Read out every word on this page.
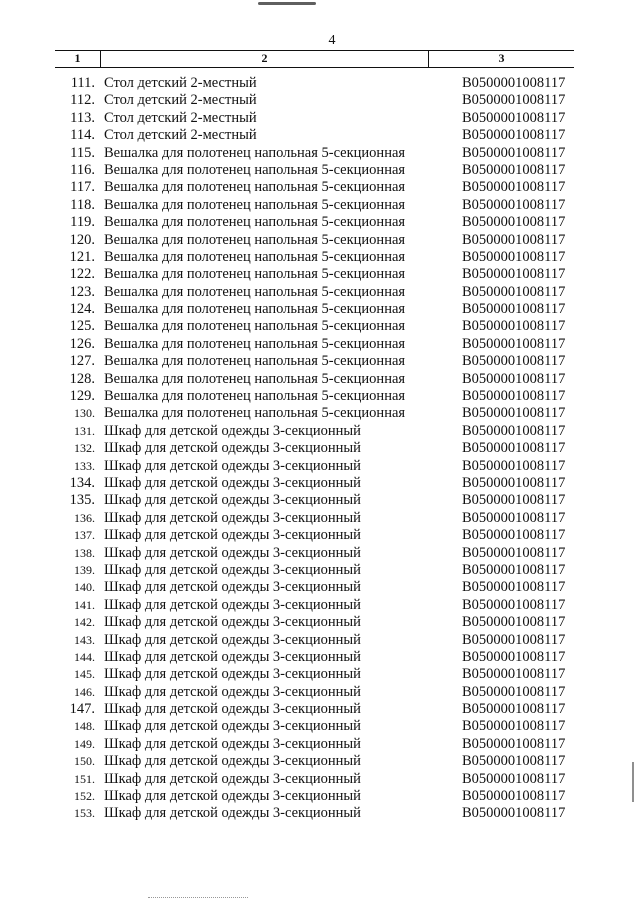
4
1	2	3
111. Стол детский 2-местный	B0500001008117
112. Стол детский 2-местный	B0500001008117
113. Стол детский 2-местный	B0500001008117
114. Стол детский 2-местный	B0500001008117
115. Вешалка для полотенец напольная 5-секционная	B0500001008117
116. Вешалка для полотенец напольная 5-секционная	B0500001008117
117. Вешалка для полотенец напольная 5-секционная	B0500001008117
118. Вешалка для полотенец напольная 5-секционная	B0500001008117
119. Вешалка для полотенец напольная 5-секционная	B0500001008117
120. Вешалка для полотенец напольная 5-секционная	B0500001008117
121. Вешалка для полотенец напольная 5-секционная	B0500001008117
122. Вешалка для полотенец напольная 5-секционная	B0500001008117
123. Вешалка для полотенец напольная 5-секционная	B0500001008117
124. Вешалка для полотенец напольная 5-секционная	B0500001008117
125. Вешалка для полотенец напольная 5-секционная	B0500001008117
126. Вешалка для полотенец напольная 5-секционная	B0500001008117
127. Вешалка для полотенец напольная 5-секционная	B0500001008117
128. Вешалка для полотенец напольная 5-секционная	B0500001008117
129. Вешалка для полотенец напольная 5-секционная	B0500001008117
130. Вешалка для полотенец напольная 5-секционная	B0500001008117
131. Шкаф для детской одежды 3-секционный	B0500001008117
132. Шкаф для детской одежды 3-секционный	B0500001008117
133. Шкаф для детской одежды 3-секционный	B0500001008117
134. Шкаф для детской одежды 3-секционный	B0500001008117
135. Шкаф для детской одежды 3-секционный	B0500001008117
136. Шкаф для детской одежды 3-секционный	B0500001008117
137. Шкаф для детской одежды 3-секционный	B0500001008117
138. Шкаф для детской одежды 3-секционный	B0500001008117
139. Шкаф для детской одежды 3-секционный	B0500001008117
140. Шкаф для детской одежды 3-секционный	B0500001008117
141. Шкаф для детской одежды 3-секционный	B0500001008117
142. Шкаф для детской одежды 3-секционный	B0500001008117
143. Шкаф для детской одежды 3-секционный	B0500001008117
144. Шкаф для детской одежды 3-секционный	B0500001008117
145. Шкаф для детской одежды 3-секционный	B0500001008117
146. Шкаф для детской одежды 3-секционный	B0500001008117
147. Шкаф для детской одежды 3-секционный	B0500001008117
148. Шкаф для детской одежды 3-секционный	B0500001008117
149. Шкаф для детской одежды 3-секционный	B0500001008117
150. Шкаф для детской одежды 3-секционный	B0500001008117
151. Шкаф для детской одежды 3-секционный	B0500001008117
152. Шкаф для детской одежды 3-секционный	B0500001008117
153. Шкаф для детской одежды 3-секционный	B0500001008117
